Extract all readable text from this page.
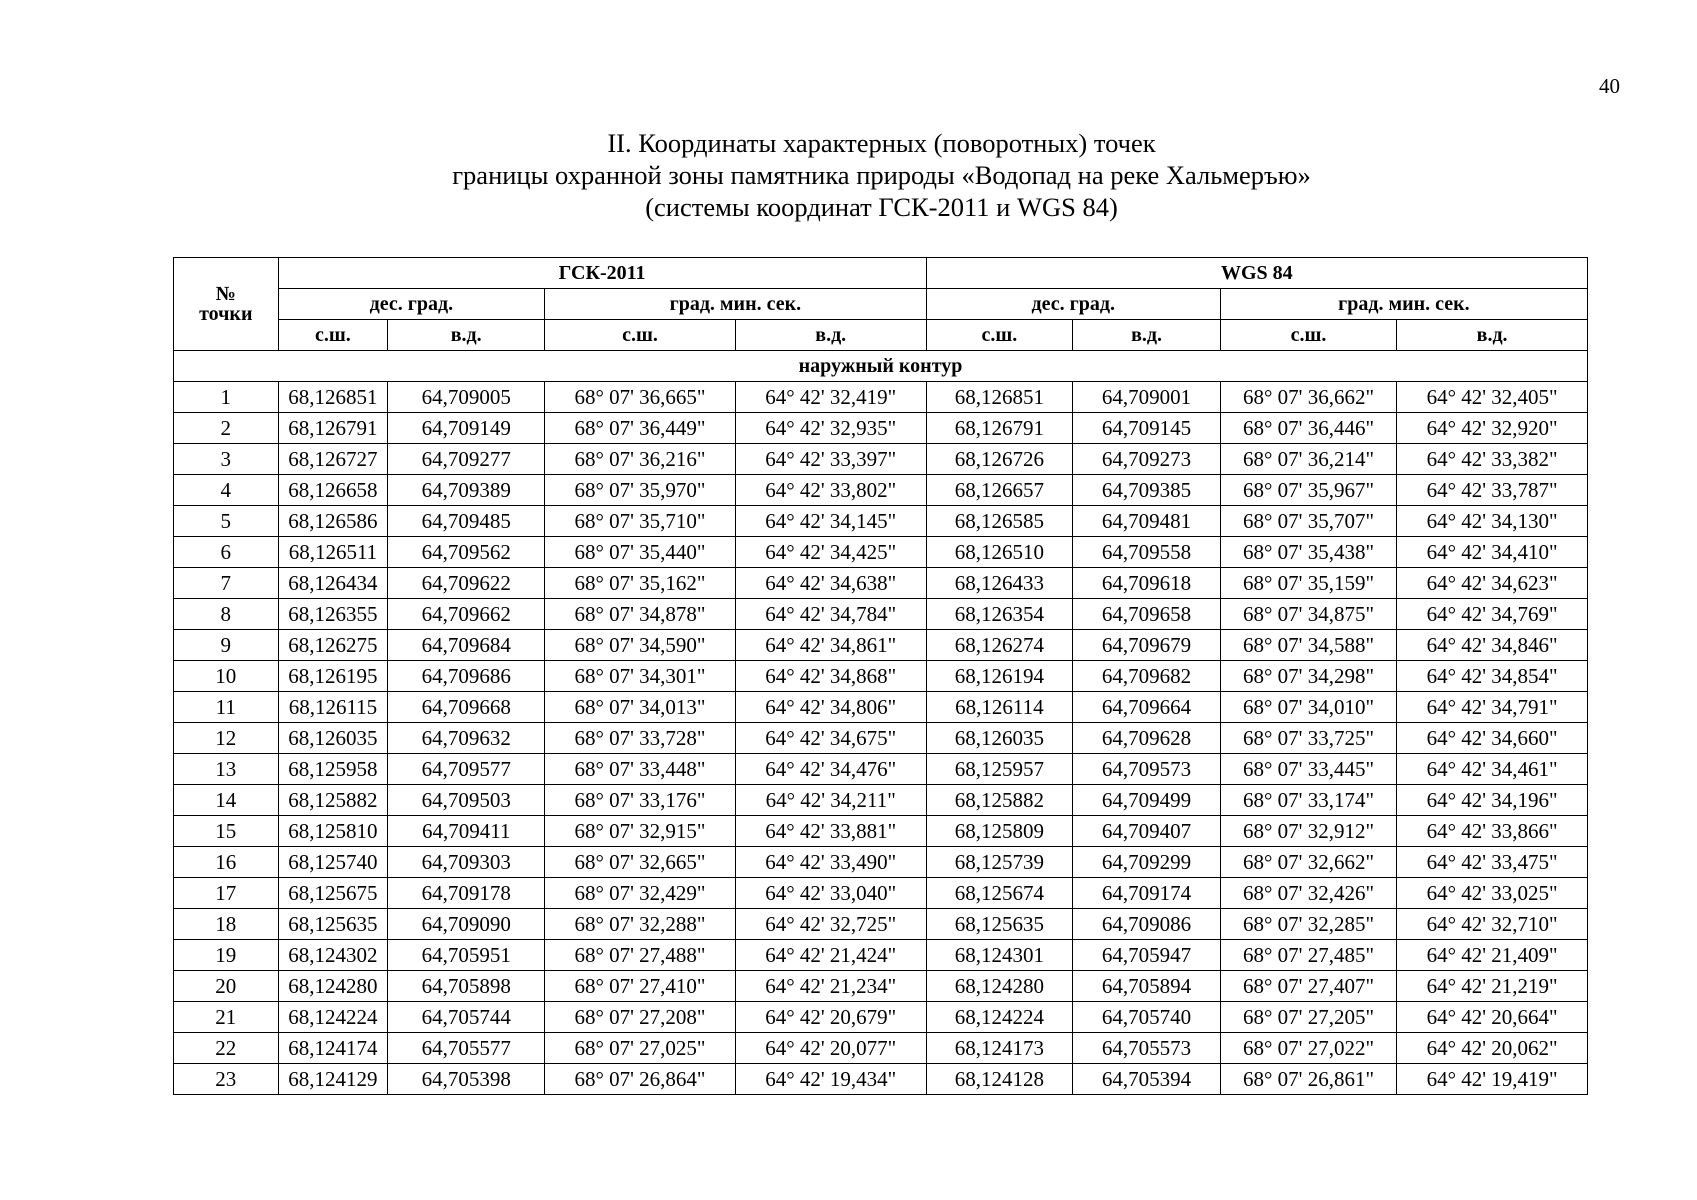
40
II. Координаты характерных (поворотных) точек
границы охранной зоны памятника природы «Водопад на реке Хальмеръю»
(системы координат ГСК-2011 и WGS 84)
№ точки	ГСК-2011				WGS 84			
	дес. град.		град. мин. сек.		дес. град.		град. мин. сек.	
	с.ш.	в.д.	с.ш.	в.д.	с.ш.	в.д.	с.ш.	в.д.
наружный контур								
1	68,126851	64,709005	68° 07' 36,665"	64° 42' 32,419"	68,126851	64,709001	68° 07' 36,662"	64° 42' 32,405"
2	68,126791	64,709149	68° 07' 36,449"	64° 42' 32,935"	68,126791	64,709145	68° 07' 36,446"	64° 42' 32,920"
3	68,126727	64,709277	68° 07' 36,216"	64° 42' 33,397"	68,126726	64,709273	68° 07' 36,214"	64° 42' 33,382"
4	68,126658	64,709389	68° 07' 35,970"	64° 42' 33,802"	68,126657	64,709385	68° 07' 35,967"	64° 42' 33,787"
5	68,126586	64,709485	68° 07' 35,710"	64° 42' 34,145"	68,126585	64,709481	68° 07' 35,707"	64° 42' 34,130"
6	68,126511	64,709562	68° 07' 35,440"	64° 42' 34,425"	68,126510	64,709558	68° 07' 35,438"	64° 42' 34,410"
7	68,126434	64,709622	68° 07' 35,162"	64° 42' 34,638"	68,126433	64,709618	68° 07' 35,159"	64° 42' 34,623"
8	68,126355	64,709662	68° 07' 34,878"	64° 42' 34,784"	68,126354	64,709658	68° 07' 34,875"	64° 42' 34,769"
9	68,126275	64,709684	68° 07' 34,590"	64° 42' 34,861"	68,126274	64,709679	68° 07' 34,588"	64° 42' 34,846"
10	68,126195	64,709686	68° 07' 34,301"	64° 42' 34,868"	68,126194	64,709682	68° 07' 34,298"	64° 42' 34,854"
11	68,126115	64,709668	68° 07' 34,013"	64° 42' 34,806"	68,126114	64,709664	68° 07' 34,010"	64° 42' 34,791"
12	68,126035	64,709632	68° 07' 33,728"	64° 42' 34,675"	68,126035	64,709628	68° 07' 33,725"	64° 42' 34,660"
13	68,125958	64,709577	68° 07' 33,448"	64° 42' 34,476"	68,125957	64,709573	68° 07' 33,445"	64° 42' 34,461"
14	68,125882	64,709503	68° 07' 33,176"	64° 42' 34,211"	68,125882	64,709499	68° 07' 33,174"	64° 42' 34,196"
15	68,125810	64,709411	68° 07' 32,915"	64° 42' 33,881"	68,125809	64,709407	68° 07' 32,912"	64° 42' 33,866"
16	68,125740	64,709303	68° 07' 32,665"	64° 42' 33,490"	68,125739	64,709299	68° 07' 32,662"	64° 42' 33,475"
17	68,125675	64,709178	68° 07' 32,429"	64° 42' 33,040"	68,125674	64,709174	68° 07' 32,426"	64° 42' 33,025"
18	68,125635	64,709090	68° 07' 32,288"	64° 42' 32,725"	68,125635	64,709086	68° 07' 32,285"	64° 42' 32,710"
19	68,124302	64,705951	68° 07' 27,488"	64° 42' 21,424"	68,124301	64,705947	68° 07' 27,485"	64° 42' 21,409"
20	68,124280	64,705898	68° 07' 27,410"	64° 42' 21,234"	68,124280	64,705894	68° 07' 27,407"	64° 42' 21,219"
21	68,124224	64,705744	68° 07' 27,208"	64° 42' 20,679"	68,124224	64,705740	68° 07' 27,205"	64° 42' 20,664"
22	68,124174	64,705577	68° 07' 27,025"	64° 42' 20,077"	68,124173	64,705573	68° 07' 27,022"	64° 42' 20,062"
23	68,124129	64,705398	68° 07' 26,864"	64° 42' 19,434"	68,124128	64,705394	68° 07' 26,861"	64° 42' 19,419"
